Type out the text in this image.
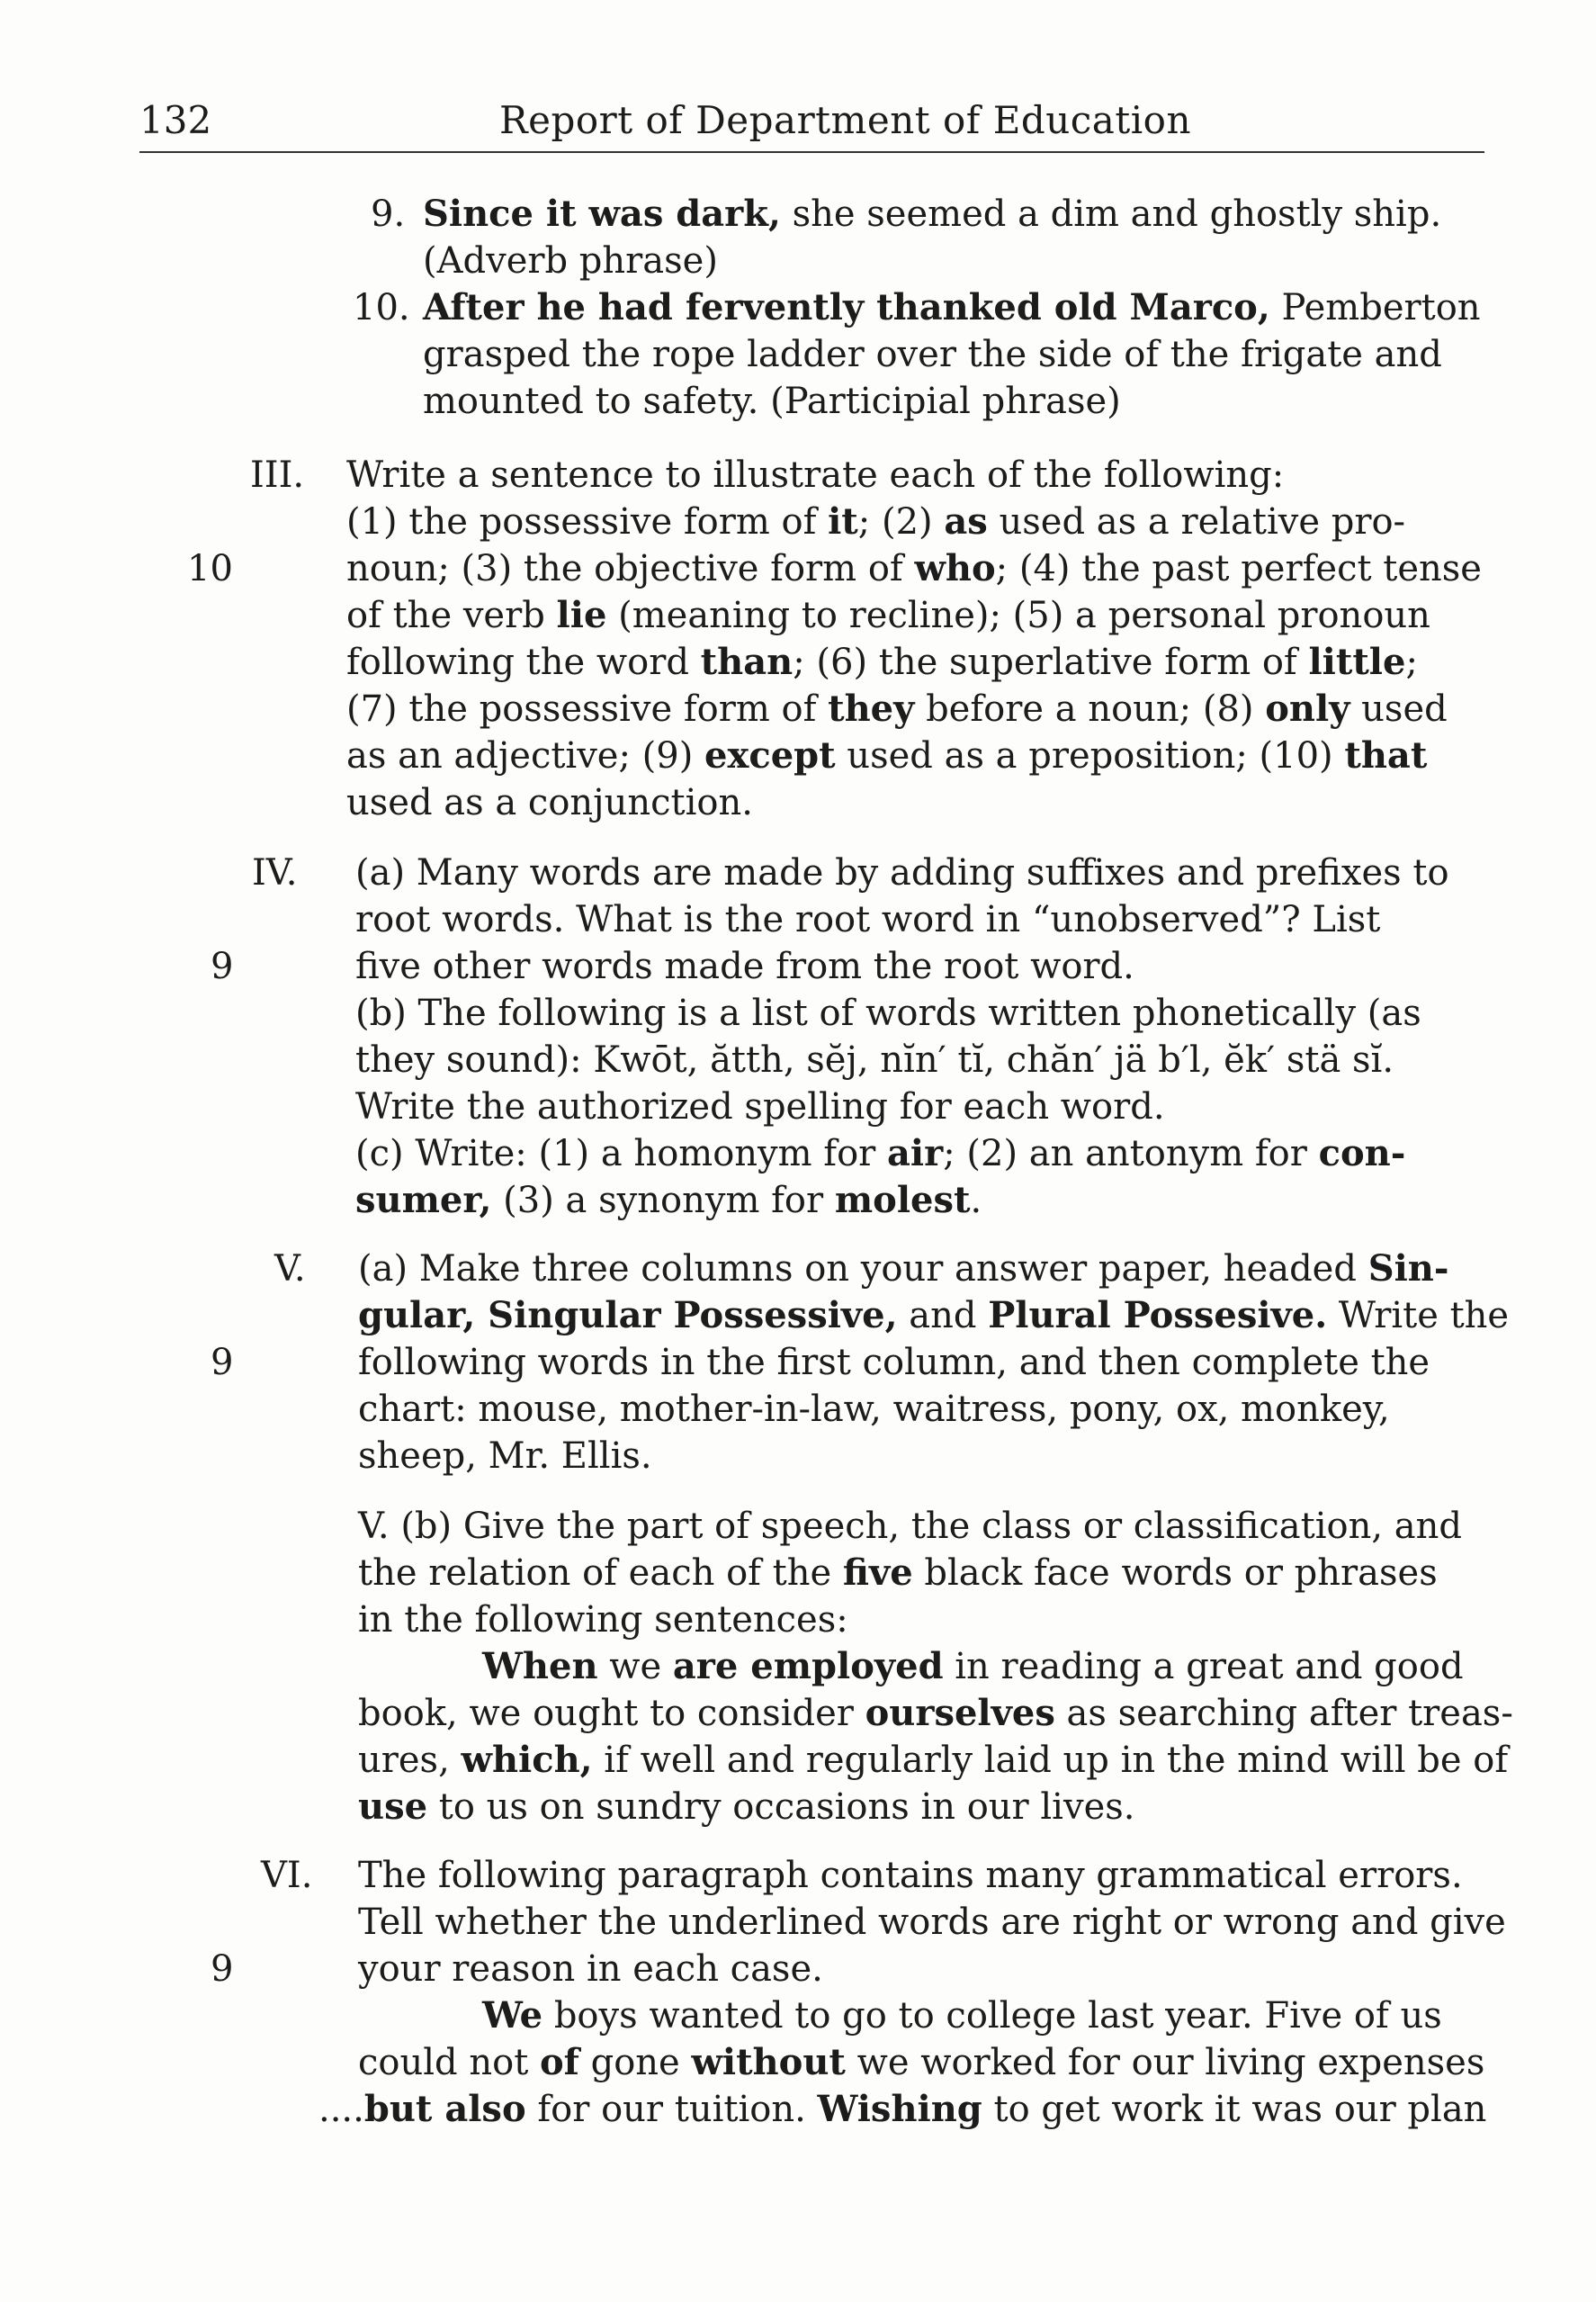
132	Report of Department of Education
9.
10.
Since it was dark, she seemed a dim and ghostly ship.
(Adverb phrase)
After he had fervently thanked old Marco, Pemberton
grasped the rope ladder over the side of the frigate and
mounted to safety. (Participial phrase)
III.
10
Write a sentence to illustrate each of the following:
(1) the possessive form of it; (2) as used as a relative pro-
noun; (3) the objective form of who; (4) the past perfect tense
of the verb lie (meaning to recline); (5) a personal pronoun
following the word than; (6) the superlative form of little;
(7) the possessive form of they before a noun; (8) only used
as an adjective; (9) except used as a preposition; (10) that
used as a conjunction.
IV.
9
(a) Many words are made by adding suffixes and prefixes to
root words. What is the root word in “unobserved”? List
five other words made from the root word.
(b) The following is a list of words written phonetically (as
they sound): Kwōt, ătth, sĕj, nĭn′ tĭ, chăn′ jä b′l, ĕk′ stä sĭ.
Write the authorized spelling for each word.
(c) Write: (1) a homonym for air; (2) an antonym for con-
sumer, (3) a synonym for molest.
V.
9
(a) Make three columns on your answer paper, headed Sin-
gular, Singular Possessive, and Plural Possesive. Write the
following words in the first column, and then complete the
chart: mouse, mother-in-law, waitress, pony, ox, monkey,
sheep, Mr. Ellis.
V. (b) Give the part of speech, the class or classification, and
the relation of each of the five black face words or phrases
in the following sentences:
When we are employed in reading a great and good
book, we ought to consider ourselves as searching after treas-
ures, which, if well and regularly laid up in the mind will be of
use to us on sundry occasions in our lives.
VI.
9
The following paragraph contains many grammatical errors.
Tell whether the underlined words are right or wrong and give
your reason in each case.
We boys wanted to go to college last year. Five of us
could not of gone without we worked for our living expenses
....but also for our tuition. Wishing to get work it was our plan
